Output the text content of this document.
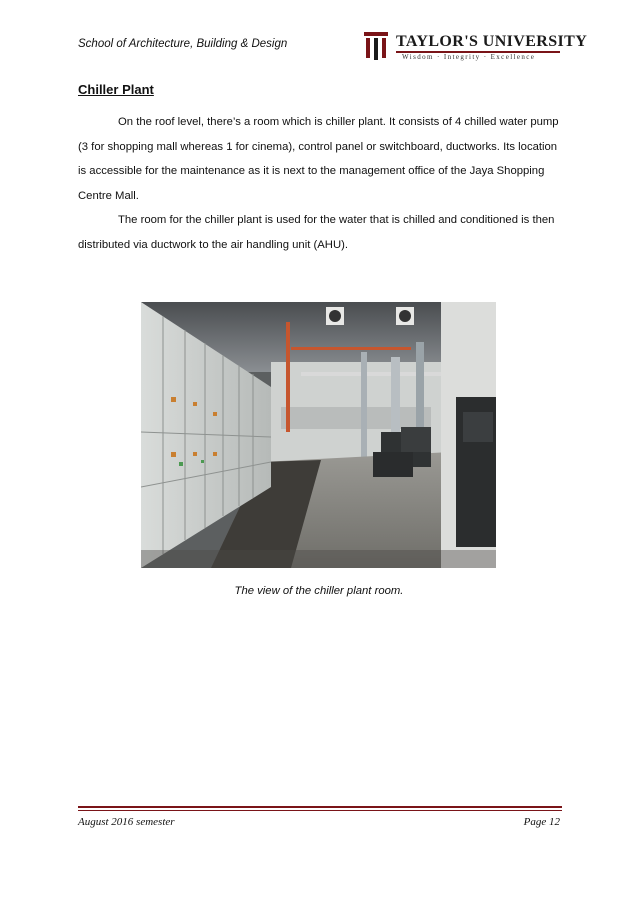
School of Architecture, Building & Design	TAYLOR'S UNIVERSITY
Wisdom · Integrity · Excellence
Chiller Plant
On the roof level, there’s a room which is chiller plant. It consists of 4 chilled water pump (3 for shopping mall whereas 1 for cinema), control panel or switchboard, ductworks. Its location is accessible for the maintenance as it is next to the management office of the Jaya Shopping Centre Mall.
The room for the chiller plant is used for the water that is chilled and conditioned is then distributed via ductwork to the air handling unit (AHU).
The view of the chiller plant room.
August 2016 semester	Page 12
